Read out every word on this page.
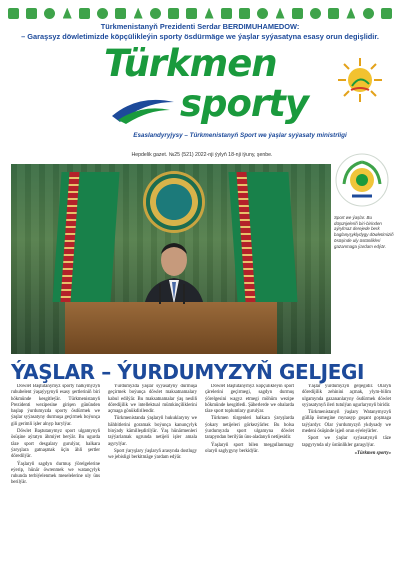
Türkmenistanyň Prezidenti Serdar BERDIMUHAMEDOW:
– Garaşsyz döwletimizde köpçülikleýin sporty ösdürmäge we ýaşlar syýasatyna esasy orun degişlidir.
Türkmen
sporty
Esaslandyryjysy – Türkmenistanyň Sport we ýaşlar syýasaty ministrligi
Hepdelik gazet. №25 (521) 2022-nji ýylyň 18-nji iýuny, şenbe.
Sport we ýaşlar. Bu düşünjeleriň biri-birinden aýrylmaz derejede berk baglanyşyklydygy döwletimiziň ösüşinde uly üstünlikleri gazanmaga ýardam edýär.
ÝAŞLAR – ÝURDUMYZYŇ GELJEGI

Döwlet Baştutanymyz sporty halkymyzyň ruhubelent ýaşaýyşynyň esasy şertleriniň biri hökmünde kesgitleýär. Türkmenistanyň Prezidenti wezipesine girişen gününden başlap ýurdumyzda sporty ösdürmek we ýaşlar syýasatyny durmuşa geçirmek boýunça giň gerimli işler alnyp barylýar.

Döwlet Baştutanymyz sport ulgamynyň ösüşine aýratyn ähmiýet berýär. Bu ugurda täze sport desgalary gurulýar, halkara ýaryşlara gatnaşmak üçin ähli şertler döredilýär.

Ýaşlaryň sagdyn durmuş ýörelgelerine eýerip, hünär öwrenmek we watançylyk ruhunda terbiýelenmek meselelerine uly üns berilýär.

Ýurdumyzda ýaşlar syýasatyny durmuşa geçirmek boýunça döwlet maksatnamalary kabul edilýär. Bu maksatnamalar ýaş nesliň döredijilik we intellektual mümkinçiliklerini açmaga gönükdirilendir.

Türkmenistanda ýaşlaryň hukuklaryny we bähbitlerini goramak boýunça kanunçylyk binýady kämilleşdirilýär. Ýaş hünärmenleri taýýarlamak ugrunda netijeli işler amala aşyrylýar.

Sport ýaryşlary ýaşlaryň arasynda dostlugy we jebisligi berkitmäge ýardam edýär.

Döwlet Baştutanymyz köpçülikleýin sport çärelerini geçirmegi, sagdyn durmuş ýörelgesini wagyz etmegi möhüm wezipe hökmünde kesgitledi. Şäherlerde we obalarda täze sport toplumlary gurulýar.

Türkmen türgenleri halkara ýaryşlarda ýokary netijeleri görkezýärler. Bu bolsa ýurdumyzda sport ulgamyna döwlet tarapyndan berilýän üns-aladanyň netijesidir.

Ýaşlaryň sport bilen meşgullanmagy olaryň saglygyny berkidýär.

Ýaşlar ýurdumyzyň geljegidir. Olaryň döredijilik zehinini açmak, ylym-bilim ulgamynda gazananlaryny ösdürmek döwlet syýasatynyň ileri tutulýan ugurlarynyň biridir.

Türkmenistanyň ýaşlary Watanymyzyň gülläp ösmegine mynasyp goşant goşmaga taýýardyr. Olar ýurdumyzyň ykdysady we medeni ösüşinde işjeň orun eýeleýärler.

Sport we ýaşlar syýasatynyň täze tapgyrynda uly üstünlikler garaşylýar.

«Türkmen sporty»
